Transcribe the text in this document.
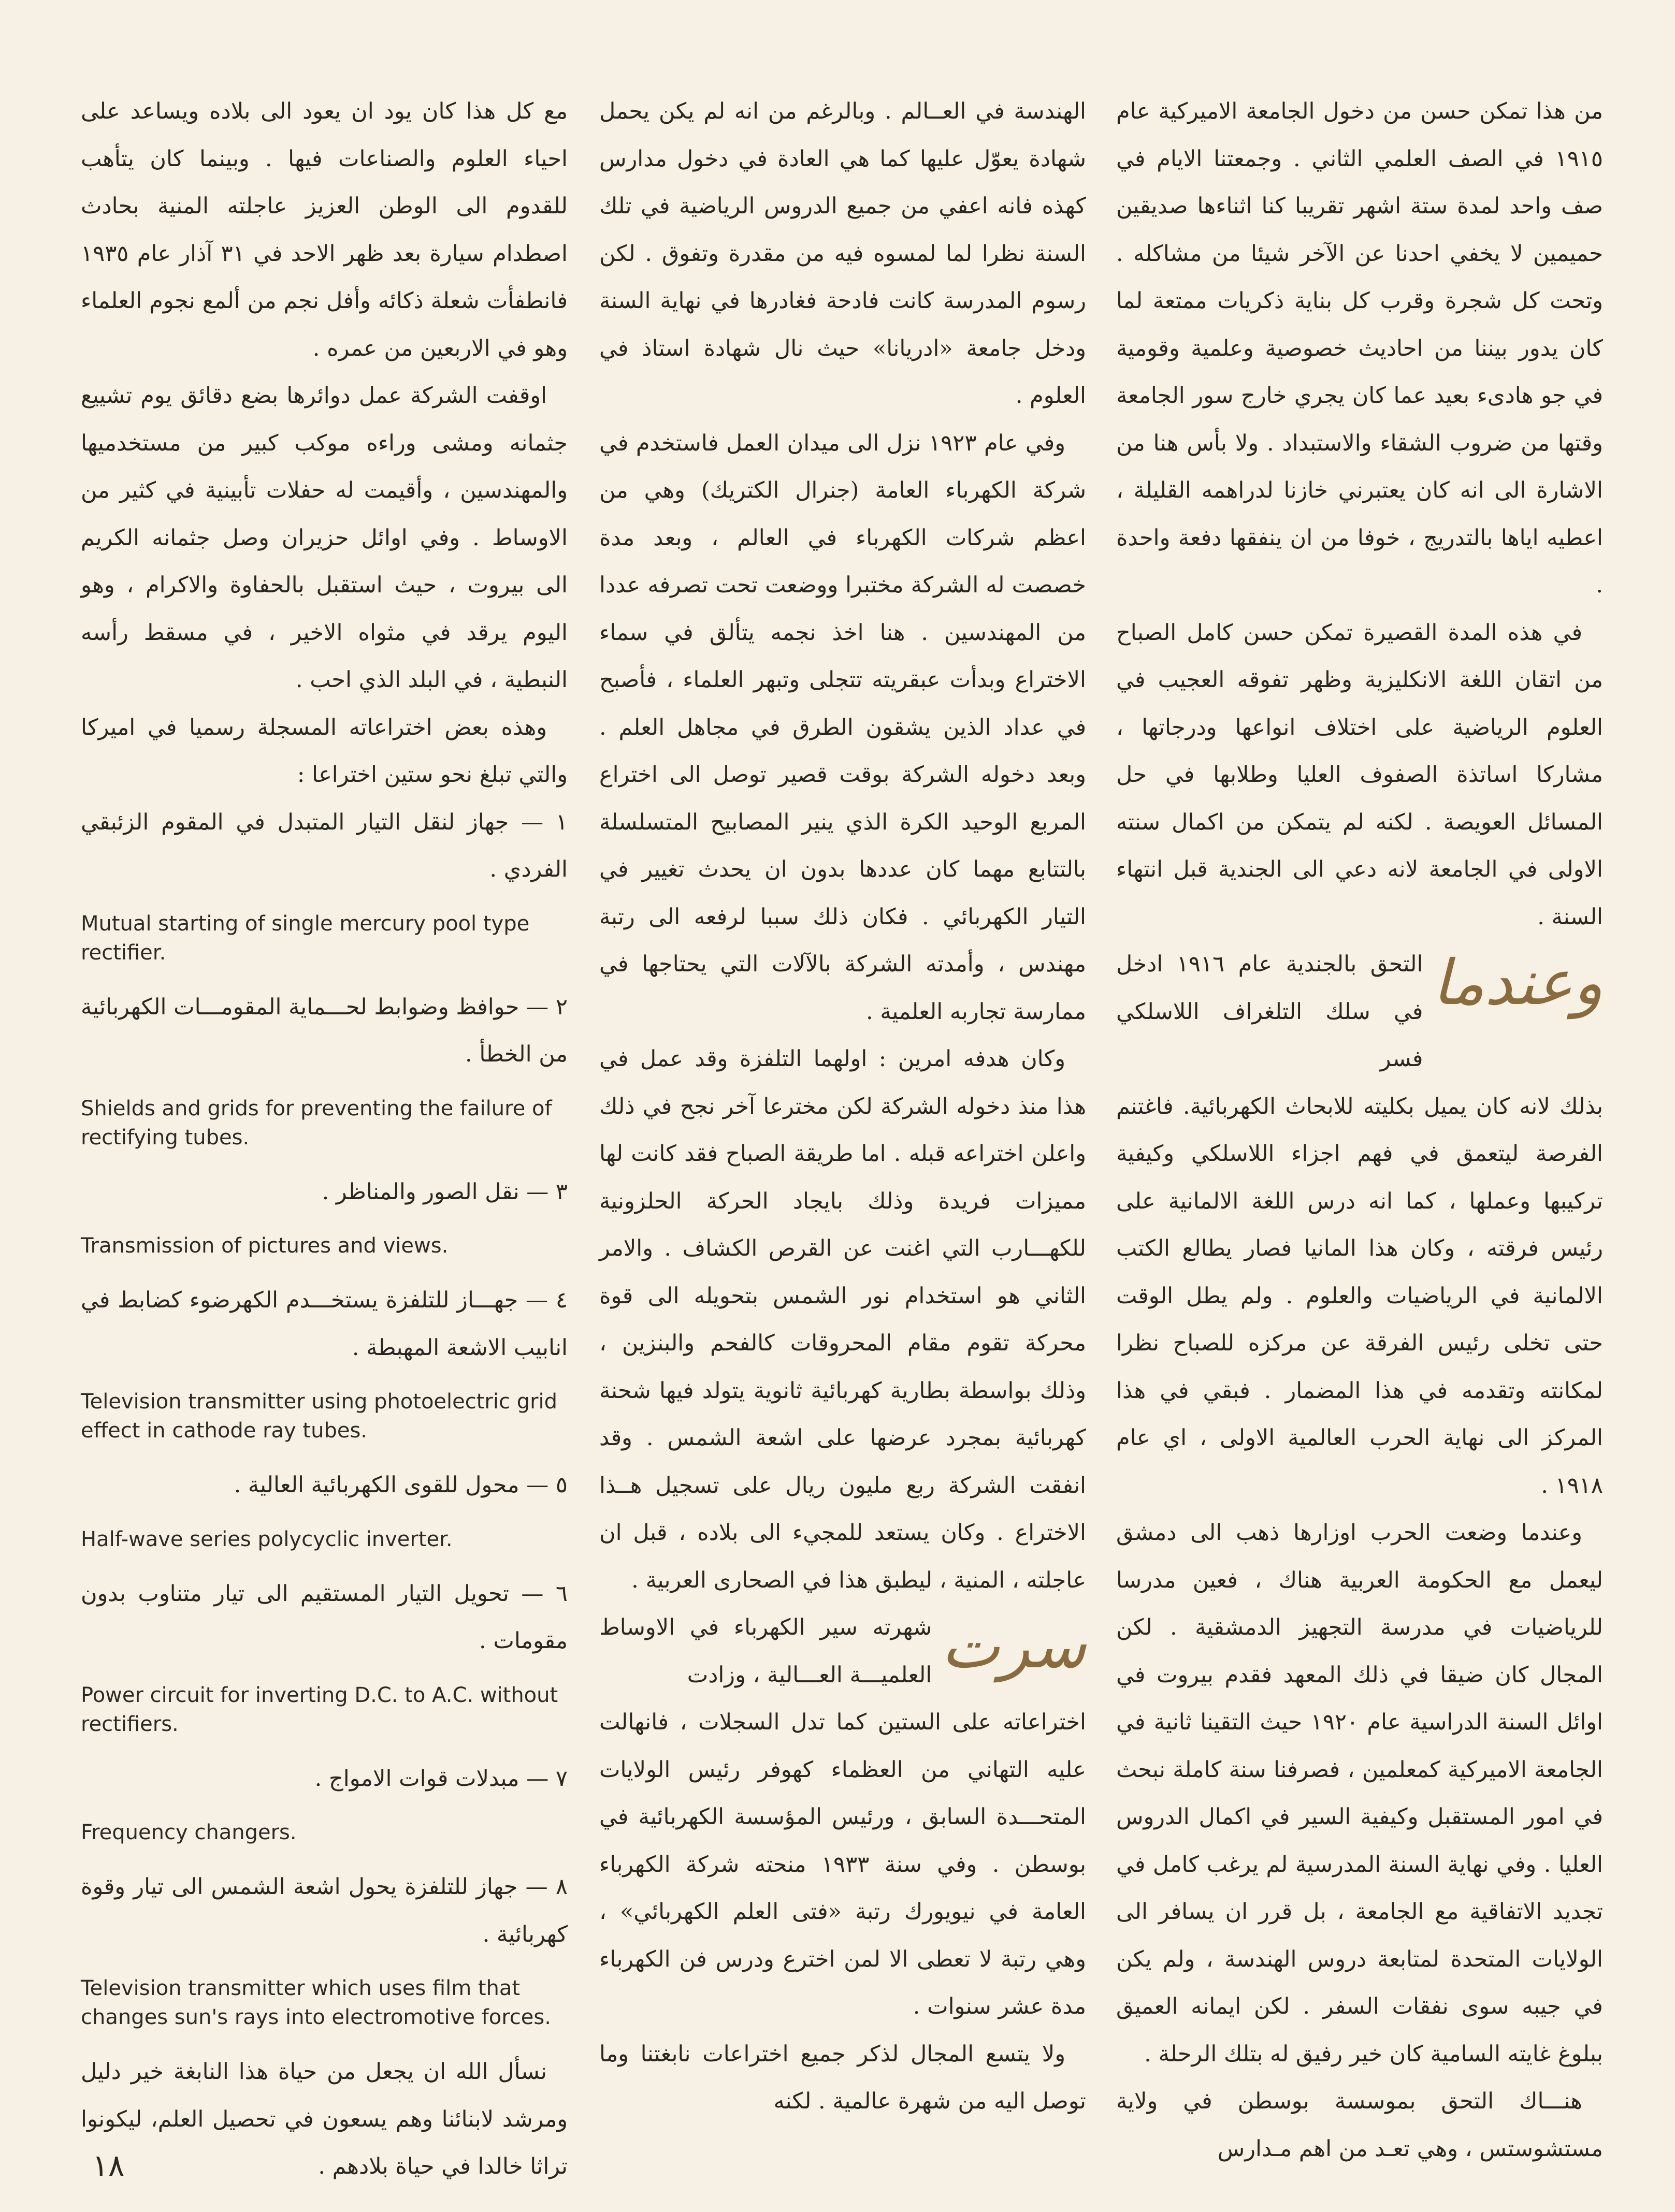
من هذا تمكن حسن من دخول الجامعة الاميركية عام ١٩١٥ في الصف العلمي الثاني . وجمعتنا الايام في صف واحد لمدة ستة اشهر تقريبا كنا اثناءها صديقين حميمين لا يخفي احدنا عن الآخر شيئا من مشاكله . وتحت كل شجرة وقرب كل بناية ذكريات ممتعة لما كان يدور بيننا من احاديث خصوصية وعلمية وقومية في جو هادىء بعيد عما كان يجري خارج سور الجامعة وقتها من ضروب الشقاء والاستبداد . ولا بأس هنا من الاشارة الى انه كان يعتبرني خازنا لدراهمه القليلة ، اعطيه اياها بالتدريج ، خوفا من ان ينفقها دفعة واحدة .

في هذه المدة القصيرة تمكن حسن كامل الصباح من اتقان اللغة الانكليزية وظهر تفوقه العجيب في العلوم الرياضية على اختلاف انواعها ودرجاتها ، مشاركا اساتذة الصفوف العليا وطلابها في حل المسائل العويصة . لكنه لم يتمكن من اكمال سنته الاولى في الجامعة لانه دعي الى الجندية قبل انتهاء السنة .

وعندما

التحق بالجندية عام ١٩١٦ ادخل في سلك التلغراف اللاسلكي فسر

بذلك لانه كان يميل بكليته للابحاث الكهربائية. فاغتنم الفرصة ليتعمق في فهم اجزاء اللاسلكي وكيفية تركيبها وعملها ، كما انه درس اللغة الالمانية على رئيس فرقته ، وكان هذا المانيا فصار يطالع الكتب الالمانية في الرياضيات والعلوم . ولم يطل الوقت حتى تخلى رئيس الفرقة عن مركزه للصباح نظرا لمكانته وتقدمه في هذا المضمار . فبقي في هذا المركز الى نهاية الحرب العالمية الاولى ، اي عام ١٩١٨ .

وعندما وضعت الحرب اوزارها ذهب الى دمشق ليعمل مع الحكومة العربية هناك ، فعين مدرسا للرياضيات في مدرسة التجهيز الدمشقية . لكن المجال كان ضيقا في ذلك المعهد فقدم بيروت في اوائل السنة الدراسية عام ١٩٢٠ حيث التقينا ثانية في الجامعة الاميركية كمعلمين ، فصرفنا سنة كاملة نبحث في امور المستقبل وكيفية السير في اكمال الدروس العليا . وفي نهاية السنة المدرسية لم يرغب كامل في تجديد الاتفاقية مع الجامعة ، بل قرر ان يسافر الى الولايات المتحدة لمتابعة دروس الهندسة ، ولم يكن في جيبه سوى نفقات السفر . لكن ايمانه العميق ببلوغ غايته السامية كان خير رفيق له بتلك الرحلة .

هنـــاك التحق بموسسة بوسطن في ولاية مستشوستس ، وهي تعـد من اهم مـدارس

الهندسة في العــالم . وبالرغم من انه لم يكن يحمل شهادة يعوّل عليها كما هي العادة في دخول مدارس كهذه فانه اعفي من جميع الدروس الرياضية في تلك السنة نظرا لما لمسوه فيه من مقدرة وتفوق . لكن رسوم المدرسة كانت فادحة فغادرها في نهاية السنة ودخل جامعة «ادريانا» حيث نال شهادة استاذ في العلوم .

وفي عام ١٩٢٣ نزل الى ميدان العمل فاستخدم في شركة الكهرباء العامة (جنرال الكتريك) وهي من اعظم شركات الكهرباء في العالم ، وبعد مدة خصصت له الشركة مختبرا ووضعت تحت تصرفه عددا من المهندسين . هنا اخذ نجمه يتألق في سماء الاختراع وبدأت عبقريته تتجلى وتبهر العلماء ، فأصبح في عداد الذين يشقون الطرق في مجاهل العلم . وبعد دخوله الشركة بوقت قصير توصل الى اختراع المربع الوحيد الكرة الذي ينير المصابيح المتسلسلة بالتتابع مهما كان عددها بدون ان يحدث تغيير في التيار الكهربائي . فكان ذلك سببا لرفعه الى رتبة مهندس ، وأمدته الشركة بالآلات التي يحتاجها في ممارسة تجاربه العلمية .

وكان هدفه امرين : اولهما التلفزة وقد عمل في هذا منذ دخوله الشركة لكن مخترعا آخر نجح في ذلك واعلن اختراعه قبله . اما طريقة الصباح فقد كانت لها مميزات فريدة وذلك بايجاد الحركة الحلزونية للكهـــارب التي اغنت عن القرص الكشاف . والامر الثاني هو استخدام نور الشمس بتحويله الى قوة محركة تقوم مقام المحروقات كالفحم والبنزين ، وذلك بواسطة بطارية كهربائية ثانوية يتولد فيها شحنة كهربائية بمجرد عرضها على اشعة الشمس . وقد انفقت الشركة ربع مليون ريال على تسجيل هــذا الاختراع . وكان يستعد للمجيء الى بلاده ، قبل ان عاجلته ، المنية ، ليطبق هذا في الصحارى العربية .

سرت

شهرته سير الكهرباء في الاوساط العلميـــة العـــالية ، وزادت

اختراعاته على الستين كما تدل السجلات ، فانهالت عليه التهاني من العظماء كهوفر رئيس الولايات المتحـــدة السابق ، ورئيس المؤسسة الكهربائية في بوسطن . وفي سنة ١٩٣٣ منحته شركة الكهرباء العامة في نيويورك رتبة «فتى العلم الكهربائي» ، وهي رتبة لا تعطى الا لمن اخترع ودرس فن الكهرباء مدة عشر سنوات .

ولا يتسع المجال لذكر جميع اختراعات نابغتنا وما توصل اليه من شهرة عالمية . لكنه

مع كل هذا كان يود ان يعود الى بلاده ويساعد على احياء العلوم والصناعات فيها . وبينما كان يتأهب للقدوم الى الوطن العزيز عاجلته المنية بحادث اصطدام سيارة بعد ظهر الاحد في ٣١ آذار عام ١٩٣٥ فانطفأت شعلة ذكائه وأفل نجم من ألمع نجوم العلماء وهو في الاربعين من عمره .

اوقفت الشركة عمل دوائرها بضع دقائق يوم تشييع جثمانه ومشى وراءه موكب كبير من مستخدميها والمهندسين ، وأقيمت له حفلات تأبينية في كثير من الاوساط . وفي اوائل حزيران وصل جثمانه الكريم الى بيروت ، حيث استقبل بالحفاوة والاكرام ، وهو اليوم يرقد في مثواه الاخير ، في مسقط رأسه النبطية ، في البلد الذي احب .

وهذه بعض اختراعاته المسجلة رسميا في اميركا والتي تبلغ نحو ستين اختراعا :

١ — جهاز لنقل التيار المتبدل في المقوم الزئبقي الفردي .

Mutual starting of single mercury pool type rectifier.

٢ — حوافظ وضوابط لحـــماية المقومـــات الكهربائية من الخطأ .

Shields and grids for preventing the failure of rectifying tubes.

٣ — نقل الصور والمناظر .

Transmission of pictures and views.

٤ — جهـــاز للتلفزة يستخـــدم الكهرضوء كضابط في انابيب الاشعة المهبطة .

Television transmitter using photoelectric grid effect in cathode ray tubes.

٥ — محول للقوى الكهربائية العالية .

Half-wave series polycyclic inverter.

٦ — تحويل التيار المستقيم الى تيار متناوب بدون مقومات .

Power circuit for inverting D.C. to A.C. without rectifiers.

٧ — مبدلات قوات الامواج .

Frequency changers.

٨ — جهاز للتلفزة يحول اشعة الشمس الى تيار وقوة كهربائية .

Television transmitter which uses film that changes sun's rays into electromotive forces.

نسأل الله ان يجعل من حياة هذا النابغة خير دليل ومرشد لابنائنا وهم يسعون في تحصيل العلم، ليكونوا تراثا خالدا في حياة بلادهم .

١٨
